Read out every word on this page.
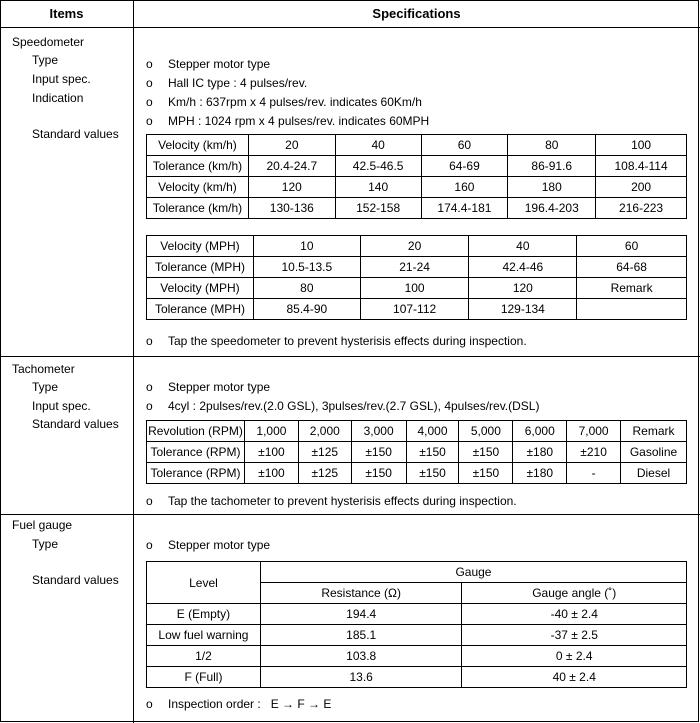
Items	Specifications
Speedometer
Type
Input spec.
Indication
Standard values
o Stepper motor type
o Hall IC type : 4 pulses/rev.
o Km/h : 637rpm x 4 pulses/rev. indicates 60Km/h
o MPH : 1024 rpm x 4 pulses/rev. indicates 60MPH
Velocity (km/h)	20	40	60	80	100
Tolerance (km/h)	20.4-24.7	42.5-46.5	64-69	86-91.6	108.4-114
Velocity (km/h)	120	140	160	180	200
Tolerance (km/h)	130-136	152-158	174.4-181	196.4-203	216-223
Velocity (MPH)	10	20	40	60
Tolerance (MPH)	10.5-13.5	21-24	42.4-46	64-68
Velocity (MPH)	80	100	120	Remark
Tolerance (MPH)	85.4-90	107-112	129-134	
o Tap the speedometer to prevent hysterisis effects during inspection.
Tachometer
Type
Input spec.
Standard values
o Stepper motor type
o 4cyl : 2pulses/rev.(2.0 GSL), 3pulses/rev.(2.7 GSL), 4pulses/rev.(DSL)
Revolution (RPM)	1,000	2,000	3,000	4,000	5,000	6,000	7,000	Remark
Tolerance (RPM)	±100	±125	±150	±150	±150	±180	±210	Gasoline
Tolerance (RPM)	±100	±125	±150	±150	±150	±180	-	Diesel
o Tap the tachometer to prevent hysterisis effects during inspection.
Fuel gauge
Type
Standard values
o Stepper motor type
Level	Gauge	
	Resistance (Ω)	Gauge angle (˚)
E (Empty)	194.4	-40 ± 2.4
Low fuel warning	185.1	-37 ± 2.5
1/2	103.8	0 ± 2.4
F (Full)	13.6	40 ± 2.4
o Inspection order :   E → F → E
